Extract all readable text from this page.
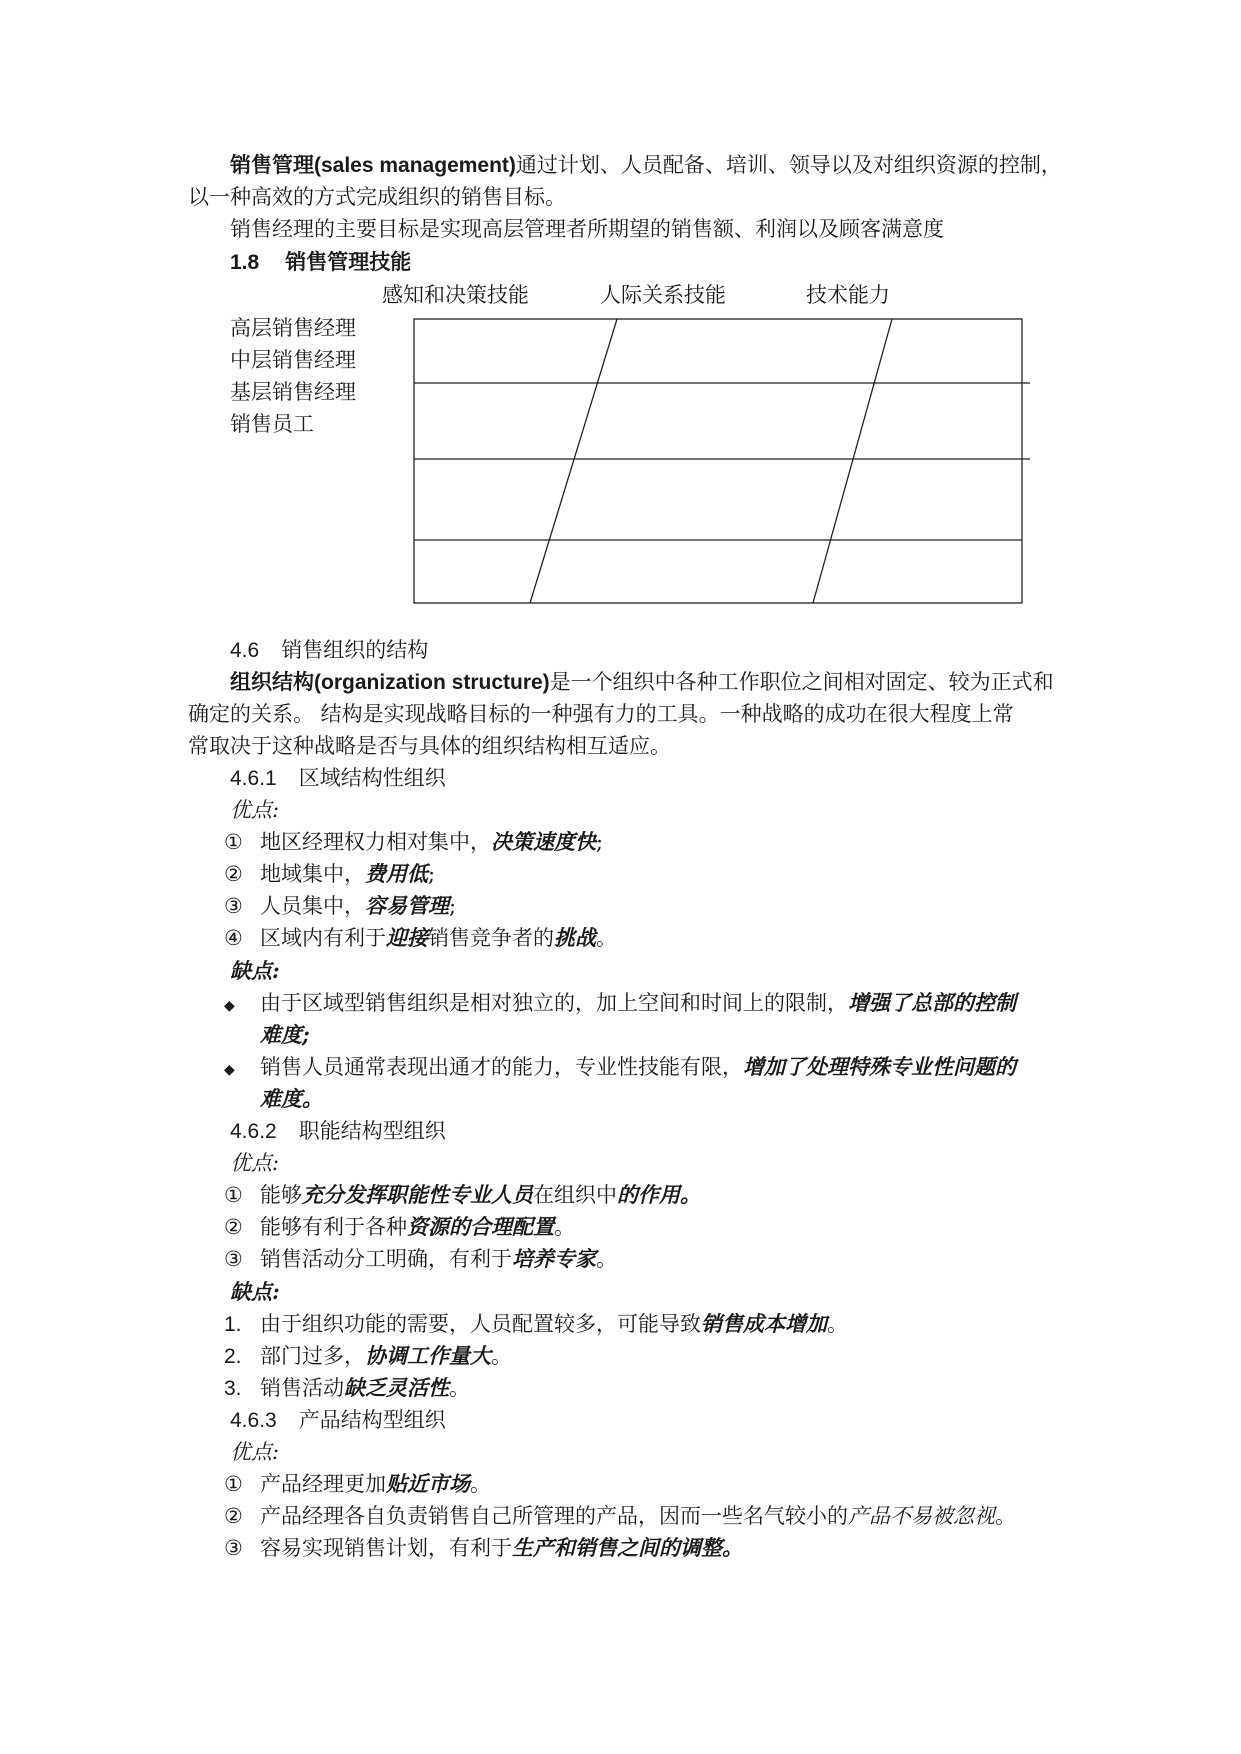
销售管理(sales management)通过计划、人员配备、培训、领导以及对组织资源的控制，
以一种高效的方式完成组织的销售目标。
销售经理的主要目标是实现高层管理者所期望的销售额、利润以及顾客满意度
1.8 销售管理技能
感知和决策技能	人际关系技能	技术能力
高层销售经理
中层销售经理
基层销售经理
销售员工
4.6 销售组织的结构
组织结构(organization structure)是一个组织中各种工作职位之间相对固定、较为正式和
确定的关系。 结构是实现战略目标的一种强有力的工具。一种战略的成功在很大程度上常
常取决于这种战略是否与具体的组织结构相互适应。
4.6.1 区域结构性组织
优点:
① 地区经理权力相对集中，决策速度快;
② 地域集中，费用低;
③ 人员集中，容易管理;
④ 区域内有利于迎接销售竞争者的挑战。
缺点:
◆ 由于区域型销售组织是相对独立的，加上空间和时间上的限制，增强了总部的控制
难度;
◆ 销售人员通常表现出通才的能力，专业性技能有限，增加了处理特殊专业性问题的
难度。
4.6.2 职能结构型组织
优点:
① 能够充分发挥职能性专业人员在组织中的作用。
② 能够有利于各种资源的合理配置。
③ 销售活动分工明确，有利于培养专家。
缺点:
1. 由于组织功能的需要，人员配置较多，可能导致销售成本增加。
2. 部门过多，协调工作量大。
3. 销售活动缺乏灵活性。
4.6.3 产品结构型组织
优点:
① 产品经理更加贴近市场。
② 产品经理各自负责销售自己所管理的产品，因而一些名气较小的产品不易被忽视。
③ 容易实现销售计划，有利于生产和销售之间的调整。
